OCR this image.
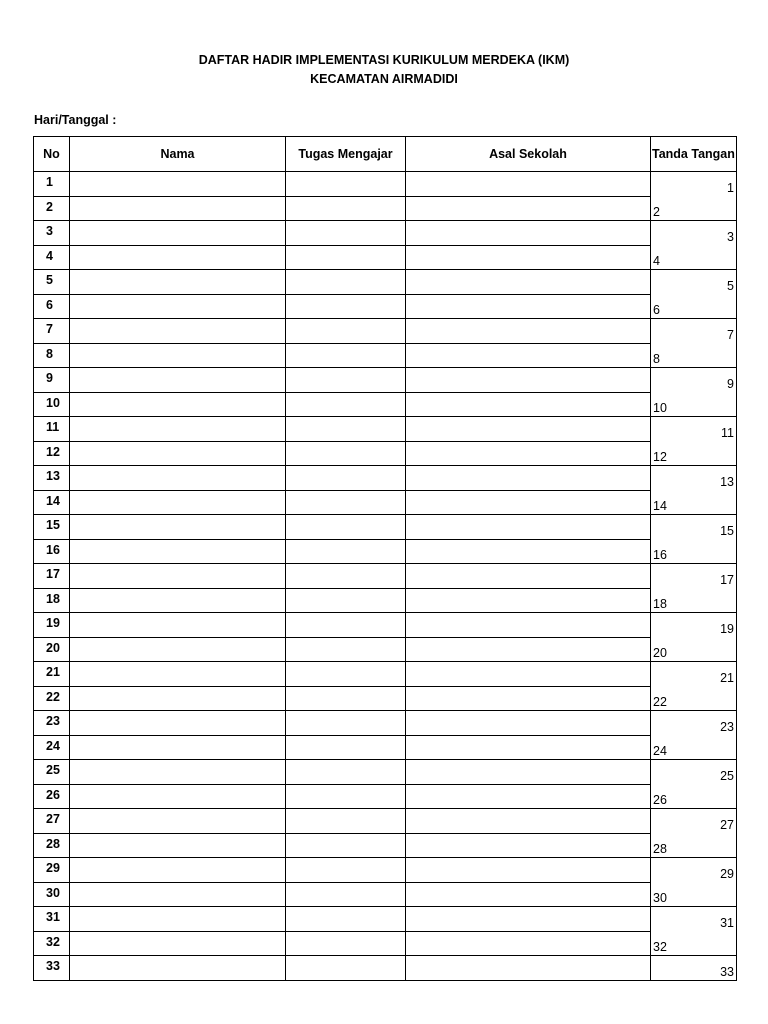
DAFTAR HADIR IMPLEMENTASI KURIKULUM MERDEKA (IKM)
KECAMATAN AIRMADIDI
Hari/Tanggal :
No	Nama	Tugas Mengajar	Asal Sekolah	Tanda Tangan
1				1

2				2

3				3

4				4

5				5

6				6

7				7

8				8

9				9

10				10

11				11

12				12

13				13

14				14

15				15

16				16

17				17

18				18

19				19

20				20

21				21

22				22

23				23

24				24

25				25

26				26

27				27

28				28

29				29

30				30

31				31

32				32

33				33
